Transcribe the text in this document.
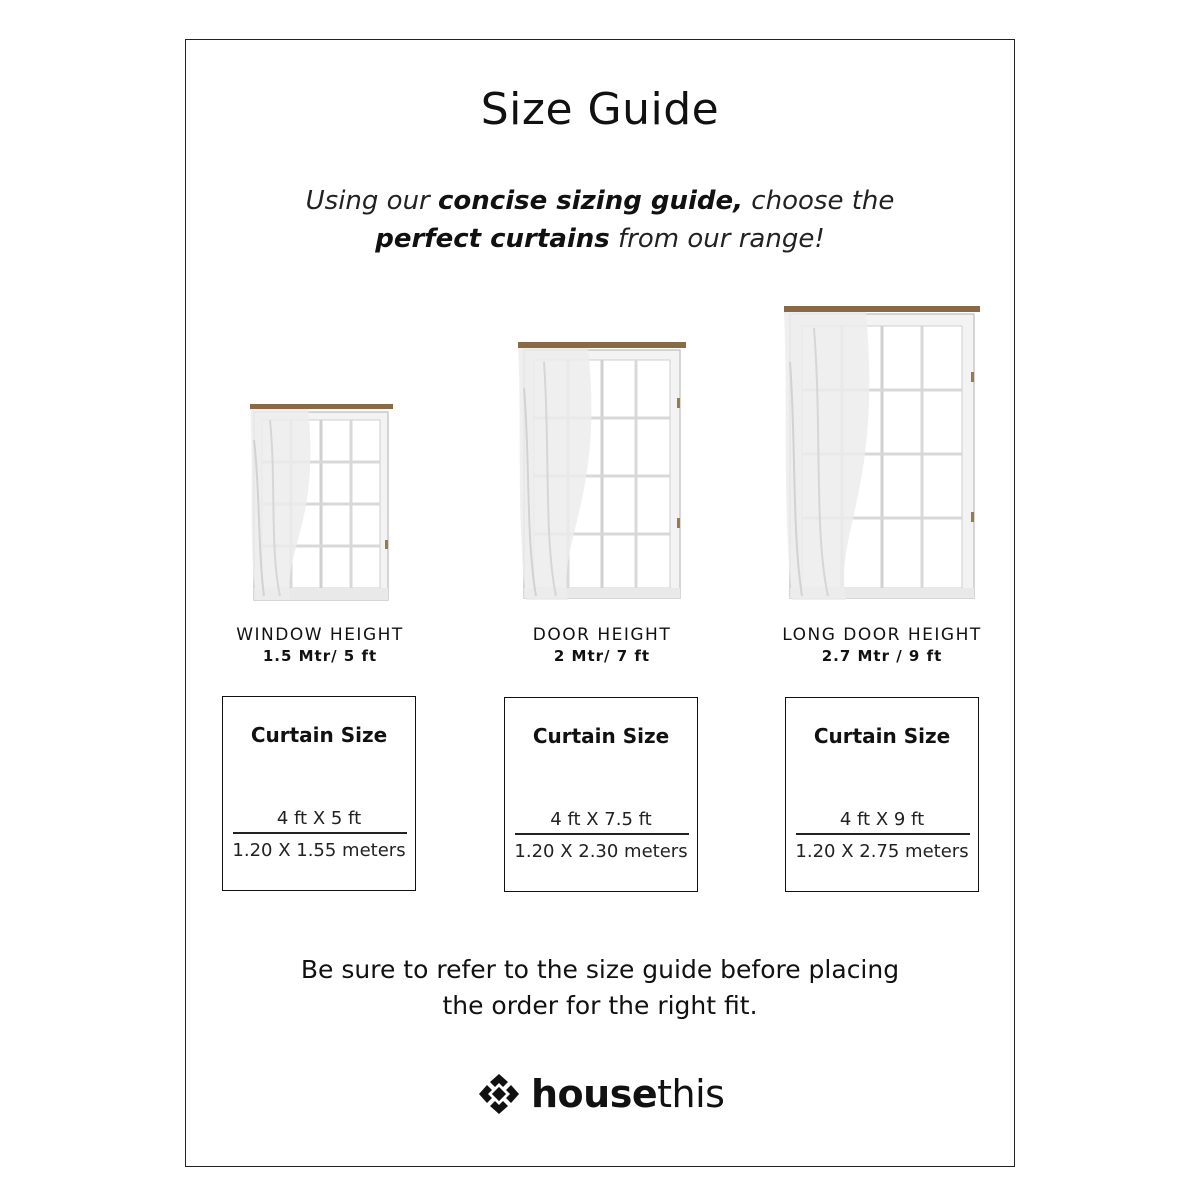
Size Guide
Using our concise sizing guide, choose the
perfect curtains from our range!
WINDOW HEIGHT
1.5 Mtr/ 5 ft
DOOR HEIGHT
2 Mtr/ 7 ft
LONG DOOR HEIGHT
2.7 Mtr / 9 ft
Curtain Size
4 ft X 5 ft
1.20 X 1.55 meters
Curtain Size
4 ft X 7.5 ft
1.20 X 2.30 meters
Curtain Size
4 ft X 9 ft
1.20 X 2.75 meters
Be sure to refer to the size guide before placing
the order for the right fit.
housethis
